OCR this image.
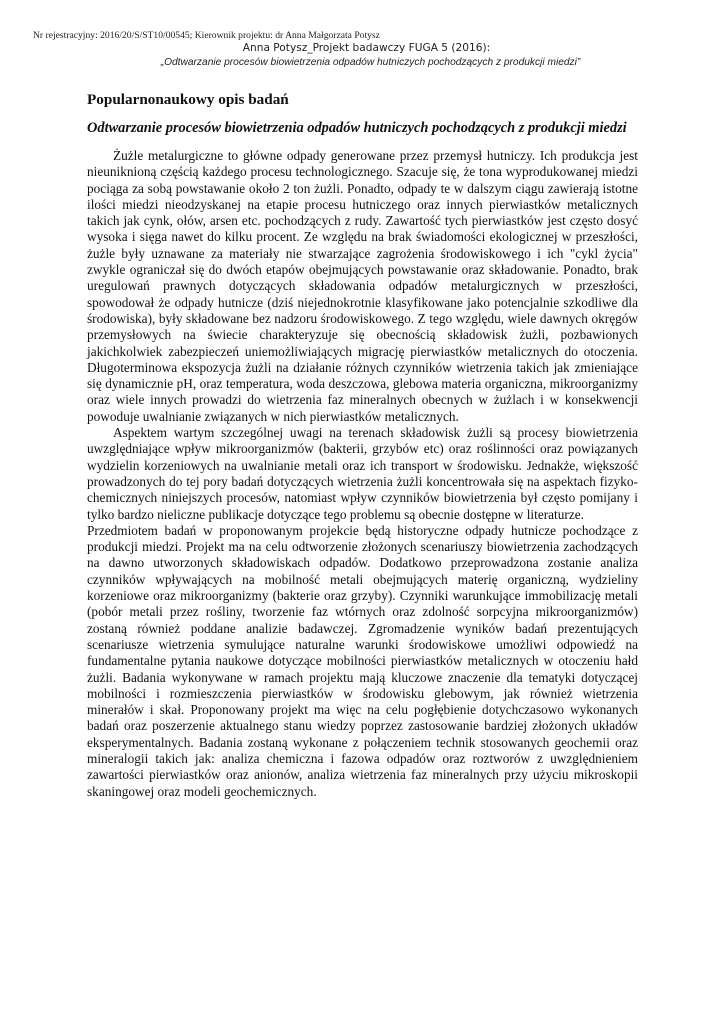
Nr rejestracyjny: 2016/20/S/ST10/00545; Kierownik projektu: dr Anna Małgorzata Potysz
Anna Potysz_Projekt badawczy FUGA 5 (2016):
„Odtwarzanie procesów biowietrzenia odpadów hutniczych pochodzących z produkcji miedzi”
Popularnonaukowy opis badań
Odtwarzanie procesów biowietrzenia odpadów hutniczych pochodzących z produkcji miedzi

Żużle metalurgiczne to główne odpady generowane przez przemysł hutniczy. Ich produkcja jest nieuniknioną częścią każdego procesu technologicznego. Szacuje się, że tona wyprodukowanej miedzi pociąga za sobą powstawanie około 2 ton żużli. Ponadto, odpady te w dalszym ciągu zawierają istotne ilości miedzi nieodzyskanej na etapie procesu hutniczego oraz innych pierwiastków metalicznych takich jak cynk, ołów, arsen etc. pochodzących z rudy. Zawartość tych pierwiastków jest często dosyć wysoka i sięga nawet do kilku procent. Ze względu na brak świadomości ekologicznej w przeszłości, żużle były uznawane za materiały nie stwarzające zagrożenia środowiskowego i ich "cykl życia" zwykle ograniczał się do dwóch etapów obejmujących powstawanie oraz składowanie. Ponadto, brak uregulowań prawnych dotyczących składowania odpadów metalurgicznych w przeszłości, spowodował że odpady hutnicze (dziś niejednokrotnie klasyfikowane jako potencjalnie szkodliwe dla środowiska), były składowane bez nadzoru środowiskowego. Z tego względu, wiele dawnych okręgów przemysłowych na świecie charakteryzuje się obecnością składowisk żużli, pozbawionych jakichkolwiek zabezpieczeń uniemożliwiających migrację pierwiastków metalicznych do otoczenia. Długoterminowa ekspozycja żużli na działanie różnych czynników wietrzenia takich jak zmieniające się dynamicznie pH, oraz temperatura, woda deszczowa, glebowa materia organiczna, mikroorganizmy oraz wiele innych prowadzi do wietrzenia faz mineralnych obecnych w żużlach i w konsekwencji powoduje uwalnianie związanych w nich pierwiastków metalicznych.

Aspektem wartym szczególnej uwagi na terenach składowisk żużli są procesy biowietrzenia uwzględniające wpływ mikroorganizmów (bakterii, grzybów etc) oraz roślinności oraz powiązanych wydzielin korzeniowych na uwalnianie metali oraz ich transport w środowisku. Jednakże, większość prowadzonych do tej pory badań dotyczących wietrzenia żużli koncentrowała się na aspektach fizyko-chemicznych niniejszych procesów, natomiast wpływ czynników biowietrzenia był często pomijany i tylko bardzo nieliczne publikacje dotyczące tego problemu są obecnie dostępne w literaturze.

Przedmiotem badań w proponowanym projekcie będą historyczne odpady hutnicze pochodzące z produkcji miedzi. Projekt ma na celu odtworzenie złożonych scenariuszy biowietrzenia zachodzących na dawno utworzonych składowiskach odpadów. Dodatkowo przeprowadzona zostanie analiza czynników wpływających na mobilność metali obejmujących materię organiczną, wydzieliny korzeniowe oraz mikroorganizmy (bakterie oraz grzyby). Czynniki warunkujące immobilizację metali (pobór metali przez rośliny, tworzenie faz wtórnych oraz zdolność sorpcyjna mikroorganizmów) zostaną również poddane analizie badawczej. Zgromadzenie wyników badań prezentujących scenariusze wietrzenia symulujące naturalne warunki środowiskowe umożliwi odpowiedź na fundamentalne pytania naukowe dotyczące mobilności pierwiastków metalicznych w otoczeniu hałd żużli. Badania wykonywane w ramach projektu mają kluczowe znaczenie dla tematyki dotyczącej mobilności i rozmieszczenia pierwiastków w środowisku glebowym, jak również wietrzenia minerałów i skał. Proponowany projekt ma więc na celu pogłębienie dotychczasowo wykonanych badań oraz poszerzenie aktualnego stanu wiedzy poprzez zastosowanie bardziej złożonych układów eksperymentalnych. Badania zostaną wykonane z połączeniem technik stosowanych geochemii oraz mineralogii takich jak: analiza chemiczna i fazowa odpadów oraz roztworów z uwzględnieniem zawartości pierwiastków oraz anionów, analiza wietrzenia faz mineralnych przy użyciu mikroskopii skaningowej oraz modeli geochemicznych.
